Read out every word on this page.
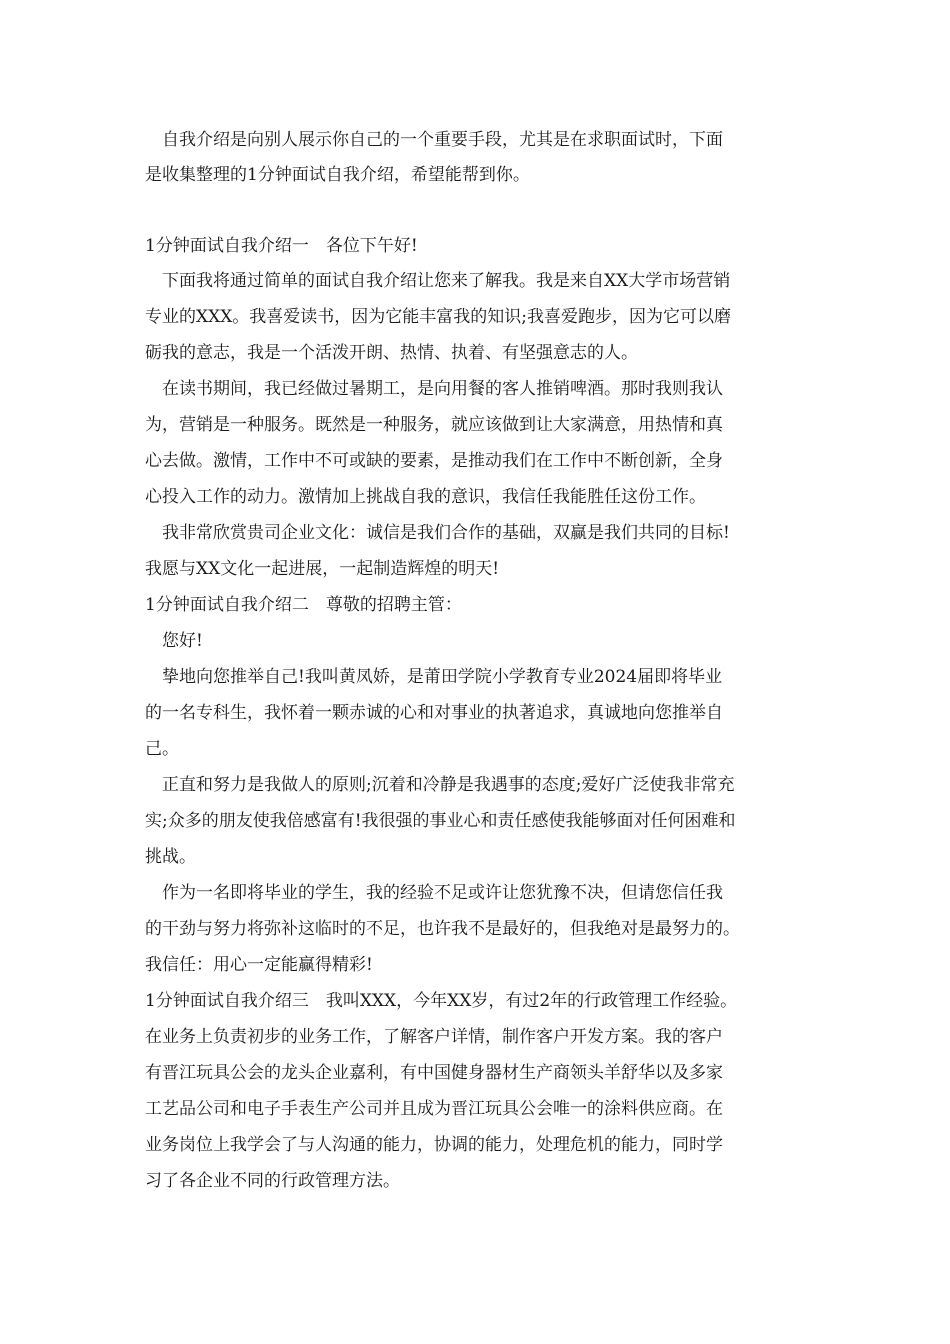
　自我介绍是向别人展示你自己的一个重要手段，尤其是在求职面试时，下面

是收集整理的1分钟面试自我介绍，希望能帮到你。

1分钟面试自我介绍一　各位下午好!

　下面我将通过简单的面试自我介绍让您来了解我。我是来自XX大学市场营销

专业的XXX。我喜爱读书，因为它能丰富我的知识;我喜爱跑步，因为它可以磨

砺我的意志，我是一个活泼开朗、热情、执着、有坚强意志的人。

　在读书期间，我已经做过暑期工，是向用餐的客人推销啤酒。那时我则我认

为，营销是一种服务。既然是一种服务，就应该做到让大家满意，用热情和真

心去做。激情，工作中不可或缺的要素，是推动我们在工作中不断创新，全身

心投入工作的动力。激情加上挑战自我的意识，我信任我能胜任这份工作。

　我非常欣赏贵司企业文化：诚信是我们合作的基础，双赢是我们共同的目标!

我愿与XX文化一起进展，一起制造辉煌的明天!

1分钟面试自我介绍二　尊敬的招聘主管：

　您好!

　挚地向您推举自己!我叫黄凤娇，是莆田学院小学教育专业2024届即将毕业

的一名专科生，我怀着一颗赤诚的心和对事业的执著追求，真诚地向您推举自

己。

　正直和努力是我做人的原则;沉着和冷静是我遇事的态度;爱好广泛使我非常充

实;众多的朋友使我倍感富有!我很强的事业心和责任感使我能够面对任何困难和

挑战。

　作为一名即将毕业的学生，我的经验不足或许让您犹豫不决，但请您信任我

的干劲与努力将弥补这临时的不足，也许我不是最好的，但我绝对是最努力的。

我信任：用心一定能赢得精彩!

1分钟面试自我介绍三　我叫XXX，今年XX岁，有过2年的行政管理工作经验。

在业务上负责初步的业务工作，了解客户详情，制作客户开发方案。我的客户

有晋江玩具公会的龙头企业嘉利，有中国健身器材生产商领头羊舒华以及多家

工艺品公司和电子手表生产公司并且成为晋江玩具公会唯一的涂料供应商。在

业务岗位上我学会了与人沟通的能力，协调的能力，处理危机的能力，同时学

习了各企业不同的行政管理方法。
